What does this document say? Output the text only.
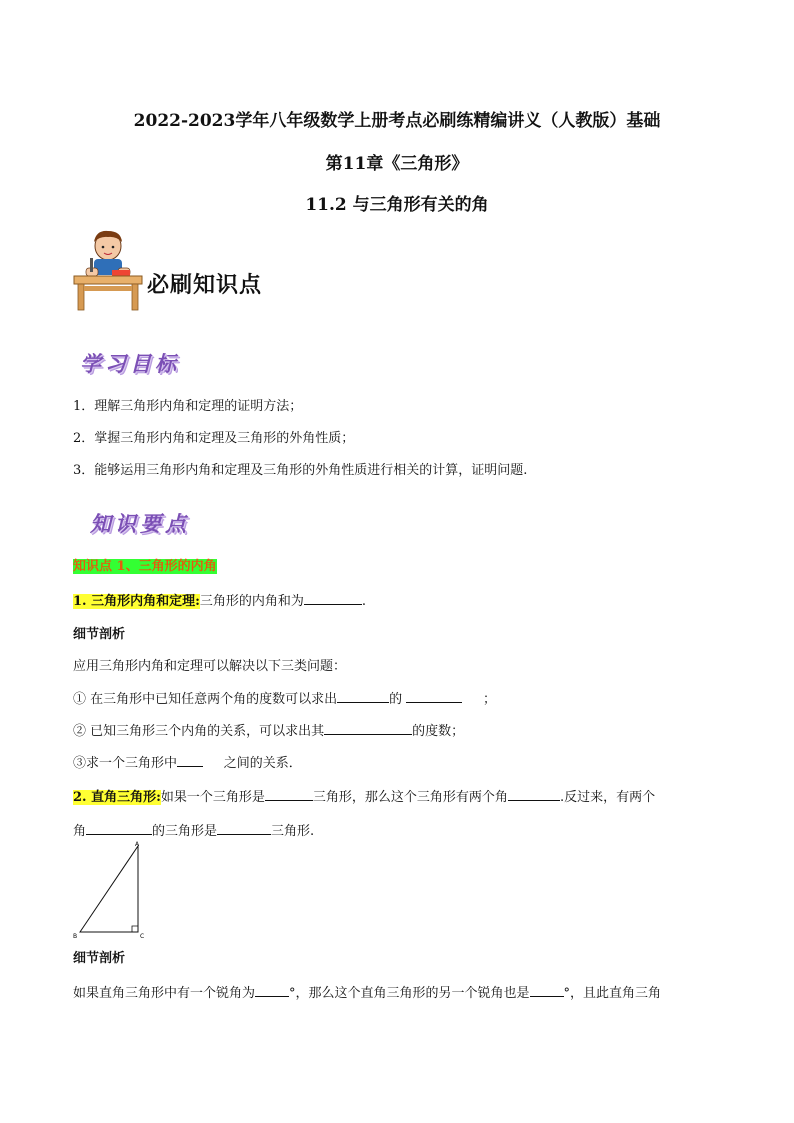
2022-2023学年八年级数学上册考点必刷练精编讲义（人教版）基础
第11章《三角形》
11.2 与三角形有关的角
必刷知识点
学习目标
1．理解三角形内角和定理的证明方法；
2．掌握三角形内角和定理及三角形的外角性质；
3．能够运用三角形内角和定理及三角形的外角性质进行相关的计算，证明问题.
知识要点
知识点 1、三角形的内角
1. 三角形内角和定理:三角形的内角和为	.
细节剖析
应用三角形内角和定理可以解决以下三类问题：
① 在三角形中已知任意两个角的度数可以求出	的	；
② 已知三角形三个内角的关系，可以求出其	的度数；
③求一个三角形中	之间的关系．
2. 直角三角形:如果一个三角形是	三角形，那么这个三角形有两个角	.反过来，有两个
角	的三角形是	三角形.
A
B	C
细节剖析
如果直角三角形中有一个锐角为	°，那么这个直角三角形的另一个锐角也是	°，且此直角三角
